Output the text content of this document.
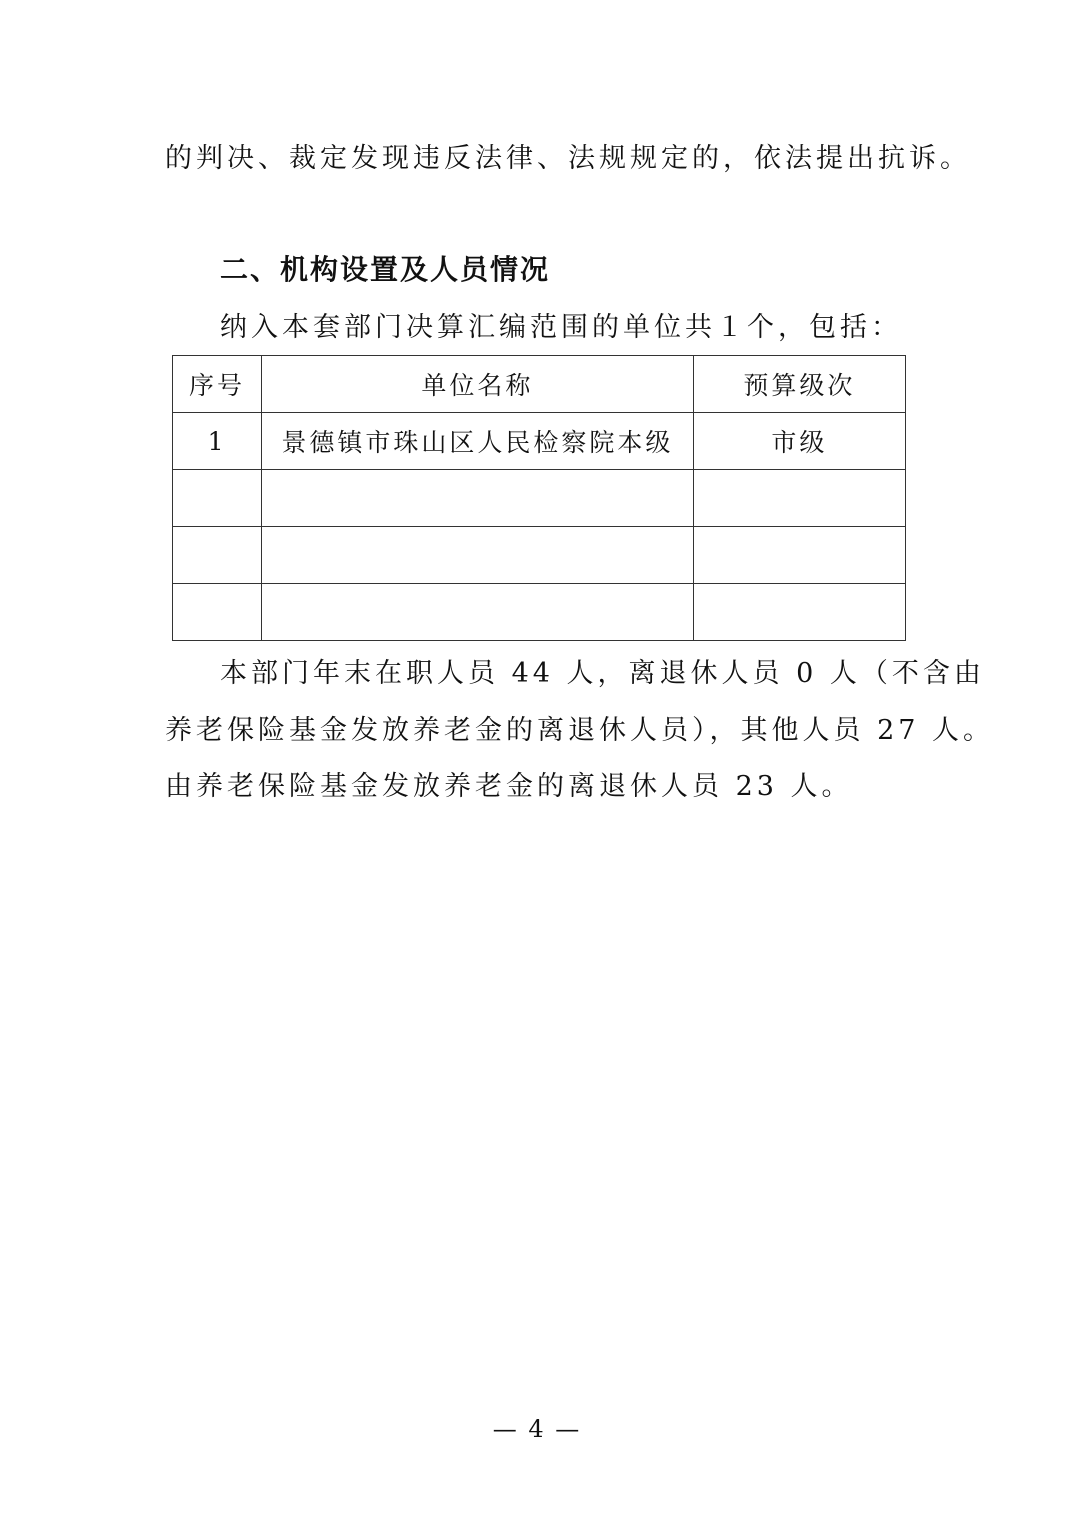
的判决、裁定发现违反法律、法规规定的，依法提出抗诉。
二、机构设置及人员情况
纳入本套部门决算汇编范围的单位共１个，包括：
序号	单位名称	预算级次
1	景德镇市珠山区人民检察院本级	市级

本部门年末在职人员 44 人，离退休人员 0 人（不含由
养老保险基金发放养老金的离退休人员），其他人员 27 人。
由养老保险基金发放养老金的离退休人员 23 人。
— 4 —
